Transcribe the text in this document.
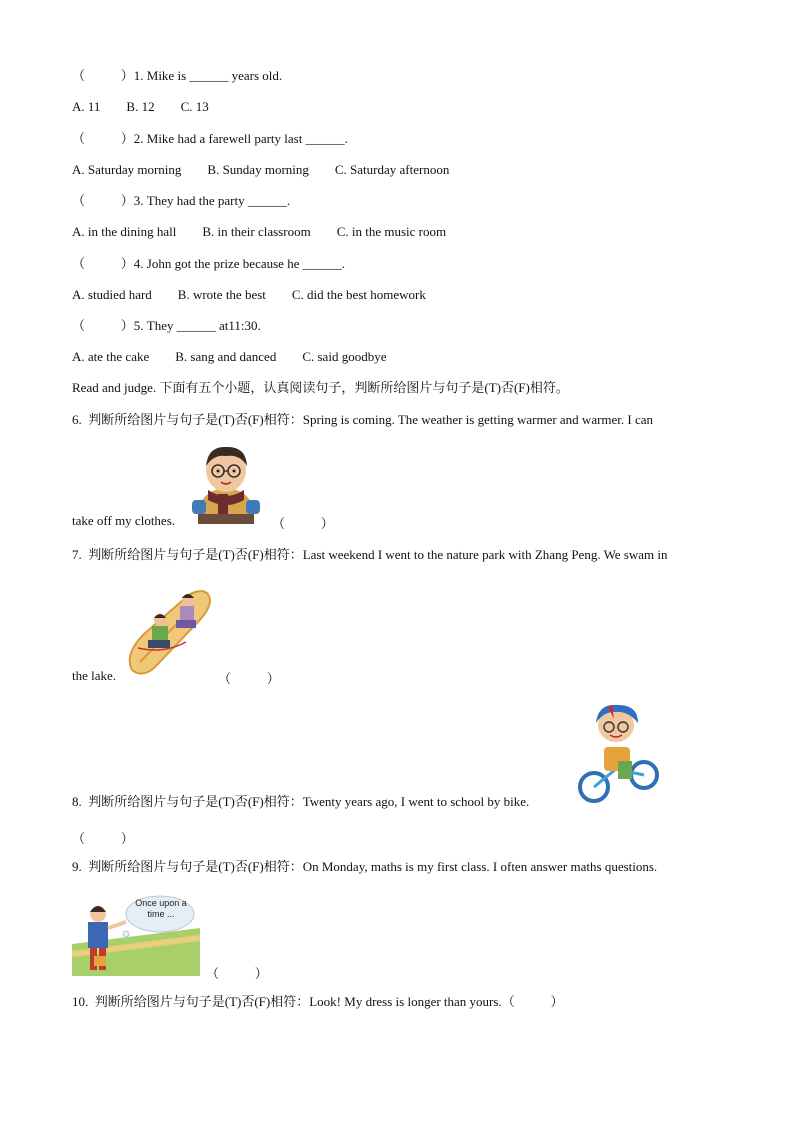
（           ）1. Mike is ______ years old.
A. 11 B. 12 C. 13
（           ）2. Mike had a farewell party last ______.
A. Saturday morning B. Sunday morning C. Saturday afternoon
（           ）3. They had the party ______.
A. in the dining hall B. in their classroom C. in the music room
（           ）4. John got the prize because he ______.
A. studied hard B. wrote the best C. did the best homework
（           ）5. They ______ at11:30.
A. ate the cake B. sang and danced C. said goodbye
Read and judge. 下面有五个小题，认真阅读句子，判断所给图片与句子是(T)否(F)相符。
6.  判断所给图片与句子是(T)否(F)相符：Spring is coming. The weather is getting warmer and warmer. I can
take off my clothes.	（           ）
7.  判断所给图片与句子是(T)否(F)相符：Last weekend I went to the nature park with Zhang Peng. We swam in
the lake.	（           ）
8.  判断所给图片与句子是(T)否(F)相符：Twenty years ago, I went to school by bike.
（           ）
9.  判断所给图片与句子是(T)否(F)相符：On Monday, maths is my first class. I often answer maths questions.
Once upon a time ...
（           ）
10.  判断所给图片与句子是(T)否(F)相符：Look! My dress is longer than yours.（           ）
